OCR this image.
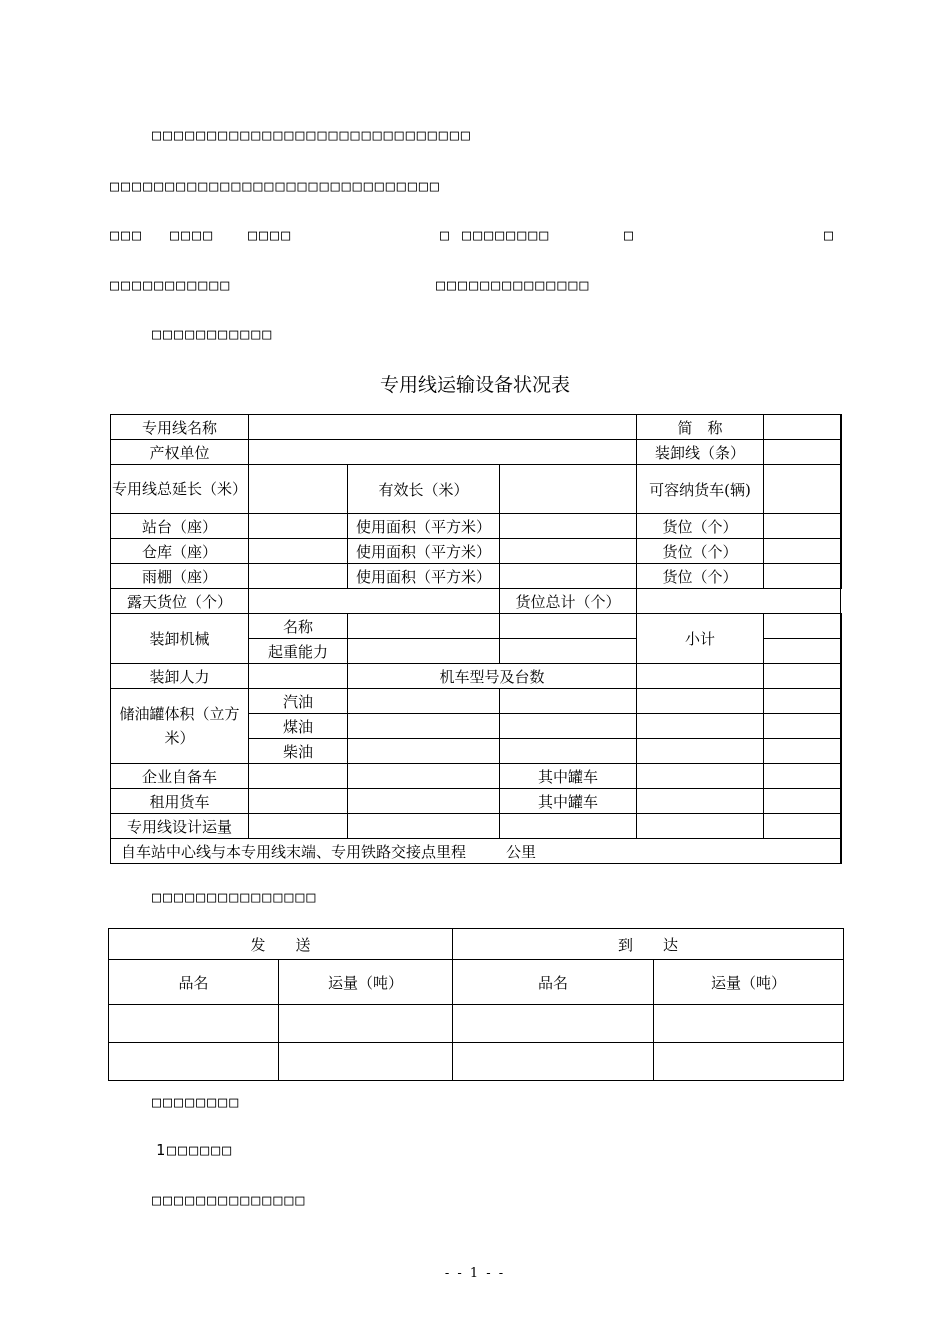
□□□□□□□□□□□□□□□□□□□□□□□□□□□□□
□□□□□□□□□□□□□□□□□□□□□□□□□□□□□□
□□□ □□□□ □□□□	□ □□□□□□□□	□	□
□□□□□□□□□□□	□□□□□□□□□□□□□□
□□□□□□□□□□□
专用线运输设备状况表
专用线名称				简　称	
产权单位				装卸线（条）	
专用线总延长（米）		有效长（米）		可容纳货车(辆)	
站台（座）		使用面积（平方米）		货位（个）	
仓库（座）		使用面积（平方米）		货位（个）	
雨棚（座）		使用面积（平方米）		货位（个）	
露天货位（个）			货位总计（个）		
装卸机械	名称			小计	
	起重能力				
装卸人力		机车型号及台数			
储油罐体积（立方米）	汽油				
	煤油				
	柴油				
企业自备车			其中罐车		
租用货车			其中罐车		
专用线设计运量					
自车站中心线与本专用线末端、专用铁路交接点里程 公里					
□□□□□□□□□□□□□□□
发　　送		到　　达	
品名	运量（吨）	品名	运量（吨）

□□□□□□□□
1□□□□□□
□□□□□□□□□□□□□□
- - 1 - -
